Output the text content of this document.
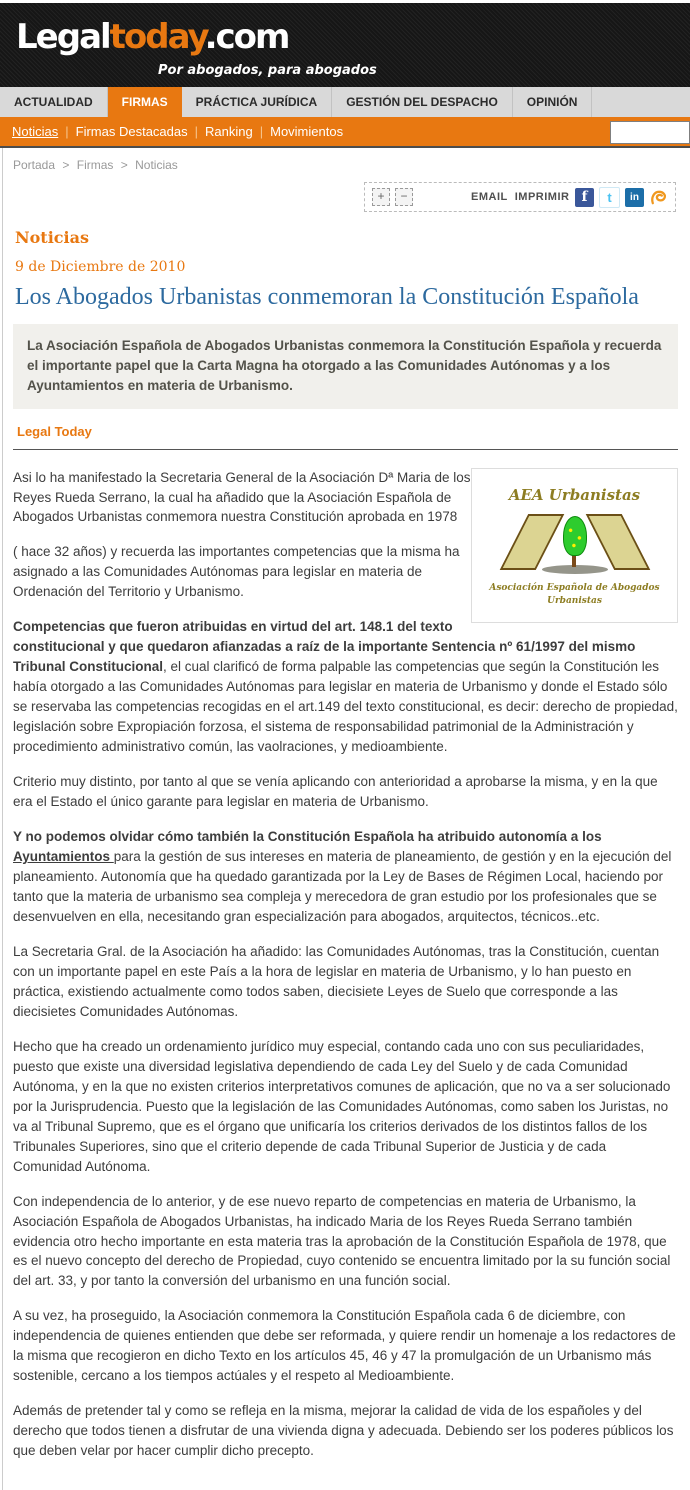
Legaltoday.com
Por abogados, para abogados
ACTUALIDAD	FIRMAS	PRÁCTICA JURÍDICA	GESTIÓN DEL DESPACHO	OPINIÓN
Noticias | Firmas Destacadas | Ranking | Movimientos
Portada > Firmas > Noticias
+	−	EMAIL IMPRIMIR f	t	in
Noticias
9 de Diciembre de 2010
Los Abogados Urbanistas conmemoran la Constitución Española
La Asociación Española de Abogados Urbanistas conmemora la Constitución Española y recuerda el importante papel que la Carta Magna ha otorgado a las Comunidades Autónomas y a los Ayuntamientos en materia de Urbanismo.
Legal Today
AEA Urbanistas
Asociación Española de Abogados Urbanistas

Asi lo ha manifestado la Secretaria General de la Asociación Dª Maria de los Reyes Rueda Serrano, la cual ha añadido que la Asociación Española de Abogados Urbanistas conmemora nuestra Constitución aprobada en 1978

( hace 32 años) y recuerda las importantes competencias que la misma ha asignado a las Comunidades Autónomas para legislar en materia de Ordenación del Territorio y Urbanismo.

Competencias que fueron atribuidas en virtud del art. 148.1 del texto constitucional y que quedaron afianzadas a raíz de la importante Sentencia nº 61/1997 del mismo Tribunal Constitucional, el cual clarificó de forma palpable las competencias que según la Constitución les había otorgado a las Comunidades Autónomas para legislar en materia de Urbanismo y donde el Estado sólo se reservaba las competencias recogidas en el art.149 del texto constitucional, es decir: derecho de propiedad, legislación sobre Expropiación forzosa, el sistema de responsabilidad patrimonial de la Administración y procedimiento administrativo común, las vaolraciones, y medioambiente.

Criterio muy distinto, por tanto al que se venía aplicando con anterioridad a aprobarse la misma, y en la que era el Estado el único garante para legislar en materia de Urbanismo.

Y no podemos olvidar cómo también la Constitución Española ha atribuido autonomía a los Ayuntamientos para la gestión de sus intereses en materia de planeamiento, de gestión y en la ejecución del planeamiento. Autonomía que ha quedado garantizada por la Ley de Bases de Régimen Local, haciendo por tanto que la materia de urbanismo sea compleja y merecedora de gran estudio por los profesionales que se desenvuelven en ella, necesitando gran especialización para abogados, arquitectos, técnicos..etc.

La Secretaria Gral. de la Asociación ha añadido: las Comunidades Autónomas, tras la Constitución, cuentan con un importante papel en este País a la hora de legislar en materia de Urbanismo, y lo han puesto en práctica, existiendo actualmente como todos saben, diecisiete Leyes de Suelo que corresponde a las diecisietes Comunidades Autónomas.

Hecho que ha creado un ordenamiento jurídico muy especial, contando cada uno con sus peculiaridades, puesto que existe una diversidad legislativa dependiendo de cada Ley del Suelo y de cada Comunidad Autónoma, y en la que no existen criterios interpretativos comunes de aplicación, que no va a ser solucionado por la Jurisprudencia. Puesto que la legislación de las Comunidades Autónomas, como saben los Juristas, no va al Tribunal Supremo, que es el órgano que unificaría los criterios derivados de los distintos fallos de los Tribunales Superiores, sino que el criterio depende de cada Tribunal Superior de Justicia y de cada Comunidad Autónoma.

Con independencia de lo anterior, y de ese nuevo reparto de competencias en materia de Urbanismo, la Asociación Española de Abogados Urbanistas, ha indicado Maria de los Reyes Rueda Serrano también evidencia otro hecho importante en esta materia tras la aprobación de la Constitución Española de 1978, que es el nuevo concepto del derecho de Propiedad, cuyo contenido se encuentra limitado por la su función social del art. 33, y por tanto la conversión del urbanismo en una función social.

A su vez, ha proseguido, la Asociación conmemora la Constitución Española cada 6 de diciembre, con independencia de quienes entienden que debe ser reformada, y quiere rendir un homenaje a los redactores de la misma que recogieron en dicho Texto en los artículos 45, 46 y 47 la promulgación de un Urbanismo más sostenible, cercano a los tiempos actúales y el respeto al Medioambiente.

Además de pretender tal y como se refleja en la misma, mejorar la calidad de vida de los españoles y del derecho que todos tienen a disfrutar de una vivienda digna y adecuada. Debiendo ser los poderes públicos los que deben velar por hacer cumplir dicho precepto.
